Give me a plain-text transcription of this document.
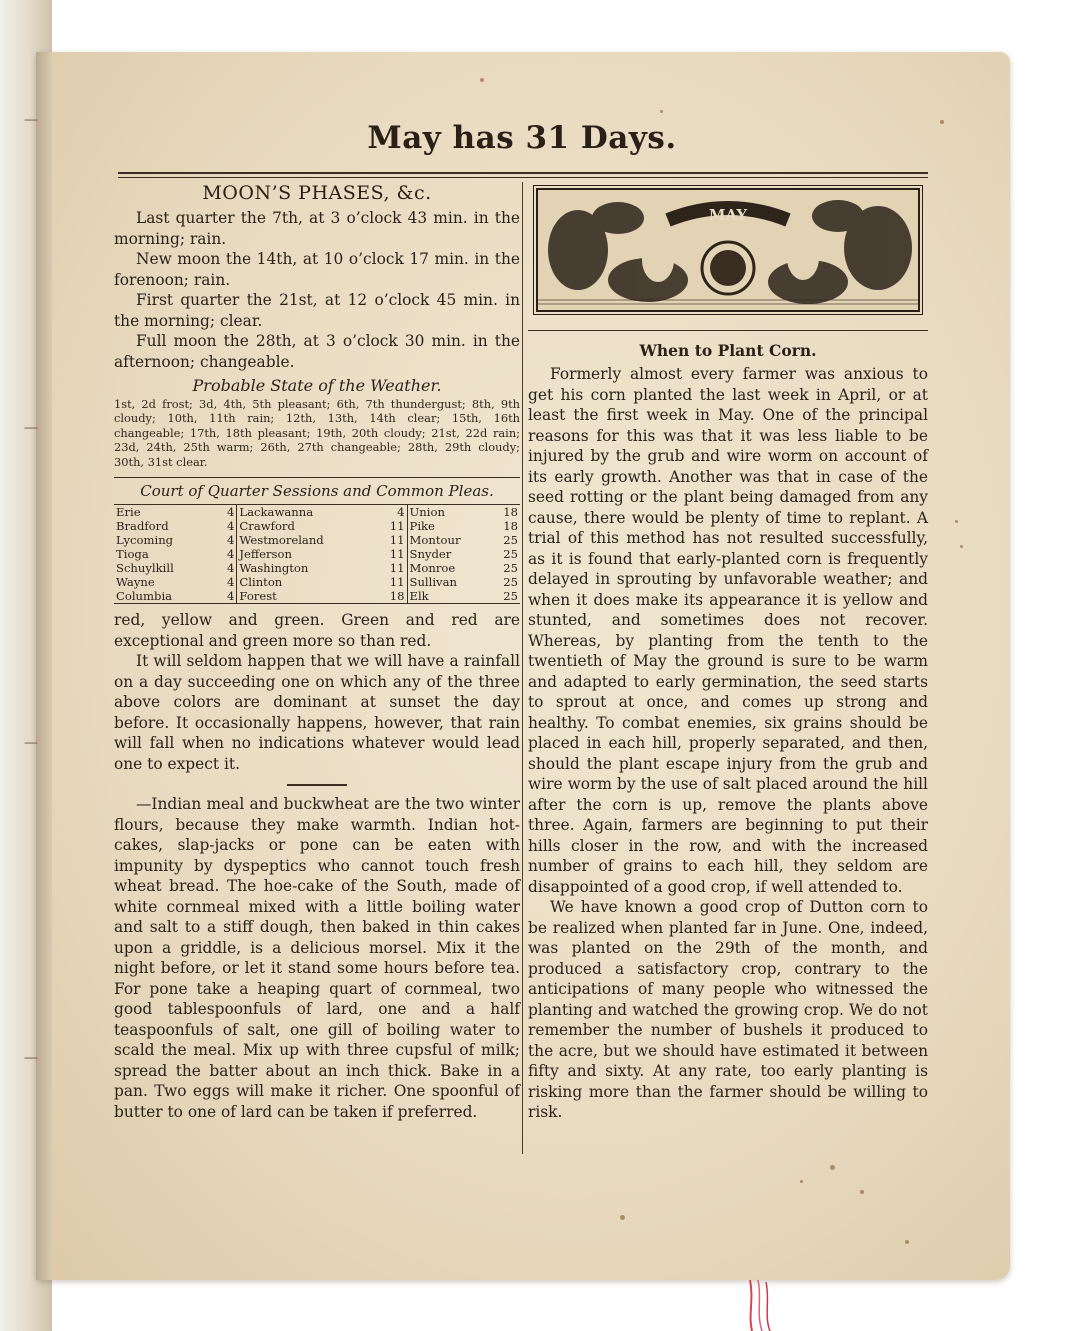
—
—
—
—
May has 31 Days.
MOON’S PHASES, &c.
Last quarter the 7th, at 3 o’clock 43 min. in the morning; rain.
New moon the 14th, at 10 o’clock 17 min. in the forenoon; rain.
First quarter the 21st, at 12 o’clock 45 min. in the morning; clear.
Full moon the 28th, at 3 o’clock 30 min. in the afternoon; changeable.
Probable State of the Weather.
1st, 2d frost; 3d, 4th, 5th pleasant; 6th, 7th thundergust; 8th, 9th cloudy; 10th, 11th rain; 12th, 13th, 14th clear; 15th, 16th changeable; 17th, 18th pleasant; 19th, 20th cloudy; 21st, 22d rain; 23d, 24th, 25th warm; 26th, 27th changeable; 28th, 29th cloudy; 30th, 31st clear.
Court of Quarter Sessions and Common Pleas.
Erie	4	Lackawanna	4	Union	18
Bradford	4	Crawford	11	Pike	18
Lycoming	4	Westmoreland	11	Montour	25
Tioga	4	Jefferson	11	Snyder	25
Schuylkill	4	Washington	11	Monroe	25
Wayne	4	Clinton	11	Sullivan	25
Columbia	4	Forest	18	Elk	25
red, yellow and green. Green and red are exceptional and green more so than red.
It will seldom happen that we will have a rainfall on a day succeeding one on which any of the three above colors are dominant at sunset the day before. It occasionally happens, however, that rain will fall when no indications whatever would lead one to expect it.
—Indian meal and buckwheat are the two winter flours, because they make warmth. Indian hot-cakes, slap-jacks or pone can be eaten with impunity by dyspeptics who cannot touch fresh wheat bread. The hoe-cake of the South, made of white cornmeal mixed with a little boiling water and salt to a stiff dough, then baked in thin cakes upon a griddle, is a delicious morsel. Mix it the night before, or let it stand some hours before tea. For pone take a heaping quart of cornmeal, two good tablespoonfuls of lard, one and a half teaspoonfuls of salt, one gill of boiling water to scald the meal. Mix up with three cupsful of milk; spread the batter about an inch thick. Bake in a pan. Two eggs will make it richer. One spoonful of butter to one of lard can be taken if preferred.
MAY
When to Plant Corn.
Formerly almost every farmer was anxious to get his corn planted the last week in April, or at least the first week in May. One of the principal reasons for this was that it was less liable to be injured by the grub and wire worm on account of its early growth. Another was that in case of the seed rotting or the plant being damaged from any cause, there would be plenty of time to replant. A trial of this method has not resulted successfully, as it is found that early-planted corn is frequently delayed in sprouting by unfavorable weather; and when it does make its appearance it is yellow and stunted, and sometimes does not recover. Whereas, by planting from the tenth to the twentieth of May the ground is sure to be warm and adapted to early germination, the seed starts to sprout at once, and comes up strong and healthy. To combat enemies, six grains should be placed in each hill, properly separated, and then, should the plant escape injury from the grub and wire worm by the use of salt placed around the hill after the corn is up, remove the plants above three. Again, farmers are beginning to put their hills closer in the row, and with the increased number of grains to each hill, they seldom are disappointed of a good crop, if well attended to.
We have known a good crop of Dutton corn to be realized when planted far in June. One, indeed, was planted on the 29th of the month, and produced a satisfactory crop, contrary to the anticipations of many people who witnessed the planting and watched the growing crop. We do not remember the number of bushels it produced to the acre, but we should have estimated it between fifty and sixty. At any rate, too early planting is risking more than the farmer should be willing to risk.
